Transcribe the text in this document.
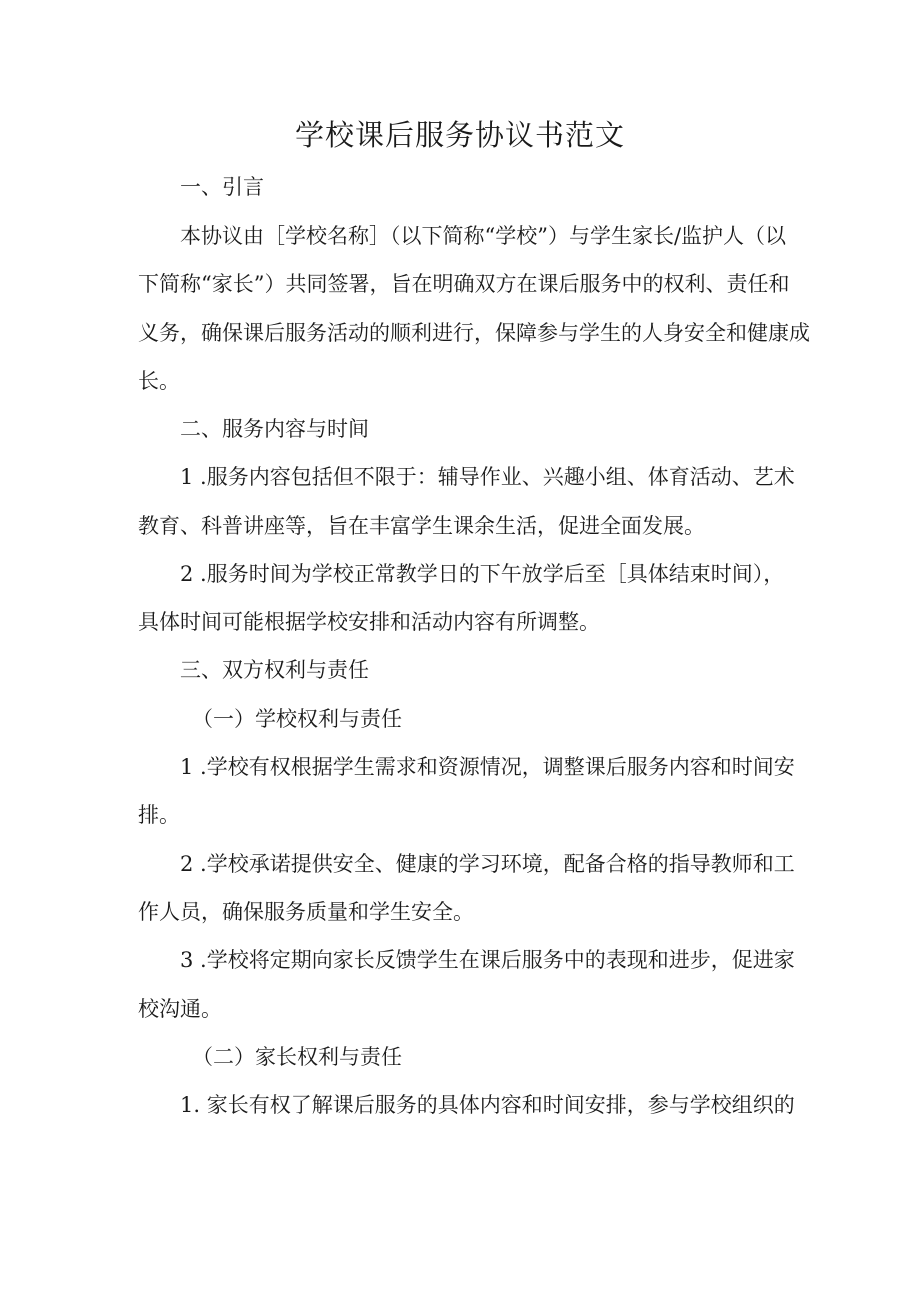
学校课后服务协议书范文
一、引言
本协议由［学校名称］（以下简称“学校”）与学生家长/监护人（以
下简称“家长”）共同签署，旨在明确双方在课后服务中的权利、责任和
义务，确保课后服务活动的顺利进行，保障参与学生的人身安全和健康成
长。
二、服务内容与时间
1 .服务内容包括但不限于：辅导作业、兴趣小组、体育活动、艺术
教育、科普讲座等，旨在丰富学生课余生活，促进全面发展。
2 .服务时间为学校正常教学日的下午放学后至［具体结束时间），
具体时间可能根据学校安排和活动内容有所调整。
三、双方权利与责任
（一）学校权利与责任
1 .学校有权根据学生需求和资源情况，调整课后服务内容和时间安
排。
2 .学校承诺提供安全、健康的学习环境，配备合格的指导教师和工
作人员，确保服务质量和学生安全。
3 .学校将定期向家长反馈学生在课后服务中的表现和进步，促进家
校沟通。
（二）家长权利与责任
1. 家长有权了解课后服务的具体内容和时间安排，参与学校组织的
